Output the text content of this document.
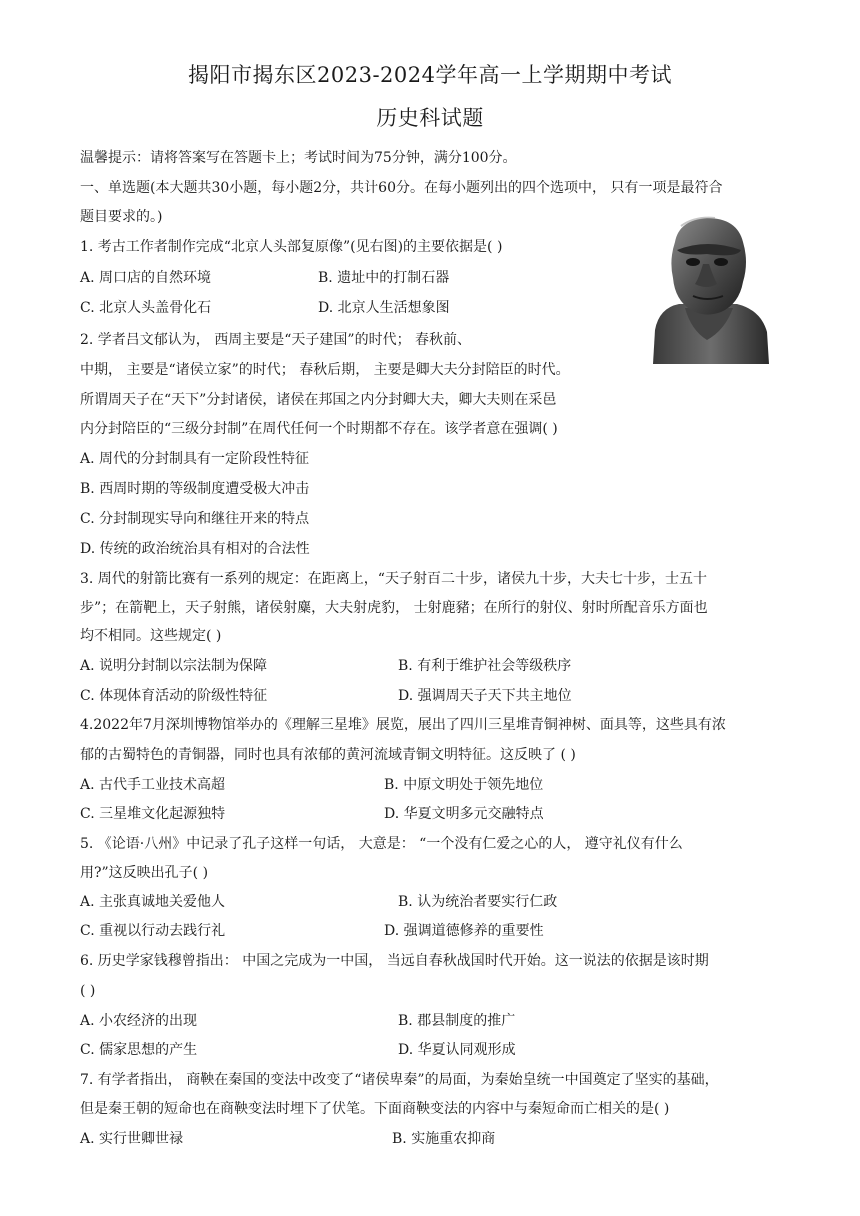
揭阳市揭东区2023-2024学年高一上学期期中考试
历史科试题
温馨提示：请将答案写在答题卡上；考试时间为75分钟，满分100分。
一、单选题(本大题共30小题，每小题2分，共计60分。在每小题列出的四个选项中， 只有一项是最符合
题目要求的。)
1. 考古工作者制作完成“北京人头部复原像”(见右图)的主要依据是( )
A. 周口店的自然环境	B. 遗址中的打制石器
C. 北京人头盖骨化石	D. 北京人生活想象图
2. 学者吕文郁认为， 西周主要是“天子建国”的时代； 春秋前、
中期， 主要是“诸侯立家”的时代； 春秋后期， 主要是卿大夫分封陪臣的时代。
所谓周天子在“天下”分封诸侯，诸侯在邦国之内分封卿大夫，卿大夫则在采邑
内分封陪臣的“三级分封制”在周代任何一个时期都不存在。该学者意在强调( )
A. 周代的分封制具有一定阶段性特征
B. 西周时期的等级制度遭受极大冲击
C. 分封制现实导向和继往开来的特点
D. 传统的政治统治具有相对的合法性
3. 周代的射箭比赛有一系列的规定：在距离上，“天子射百二十步，诸侯九十步，大夫七十步，士五十
步”；在箭靶上，天子射熊，诸侯射麋，大夫射虎豹， 士射鹿豬；在所行的射仪、射时所配音乐方面也
均不相同。这些规定( )
A. 说明分封制以宗法制为保障	B. 有利于维护社会等级秩序
C. 体现体育活动的阶级性特征	D. 强调周天子天下共主地位
4.2022年7月深圳博物馆举办的《理解三星堆》展览，展出了四川三星堆青铜神树、面具等，这些具有浓
郁的古蜀特色的青铜器，同时也具有浓郁的黄河流域青铜文明特征。这反映了 ( )
A. 古代手工业技术高超	B. 中原文明处于领先地位
C. 三星堆文化起源独特	D. 华夏文明多元交融特点
5. 《论语·八州》中记录了孔子这样一句话， 大意是： “一个没有仁爱之心的人， 遵守礼仪有什么
用?”这反映出孔子( )
A. 主张真诚地关爱他人	B. 认为统治者要实行仁政
C. 重视以行动去践行礼	D. 强调道德修养的重要性
6. 历史学家钱穆曾指出： 中国之完成为一中国， 当远自春秋战国时代开始。这一说法的依据是该时期
( )
A. 小农经济的出现	B. 郡县制度的推广
C. 儒家思想的产生	D. 华夏认同观形成
7. 有学者指出， 商鞅在秦国的变法中改变了“诸侯卑秦”的局面，为秦始皇统一中国奠定了坚实的基础，
但是秦王朝的短命也在商鞅变法时埋下了伏笔。下面商鞅变法的内容中与秦短命而亡相关的是( )
A. 实行世卿世禄	B. 实施重农抑商
